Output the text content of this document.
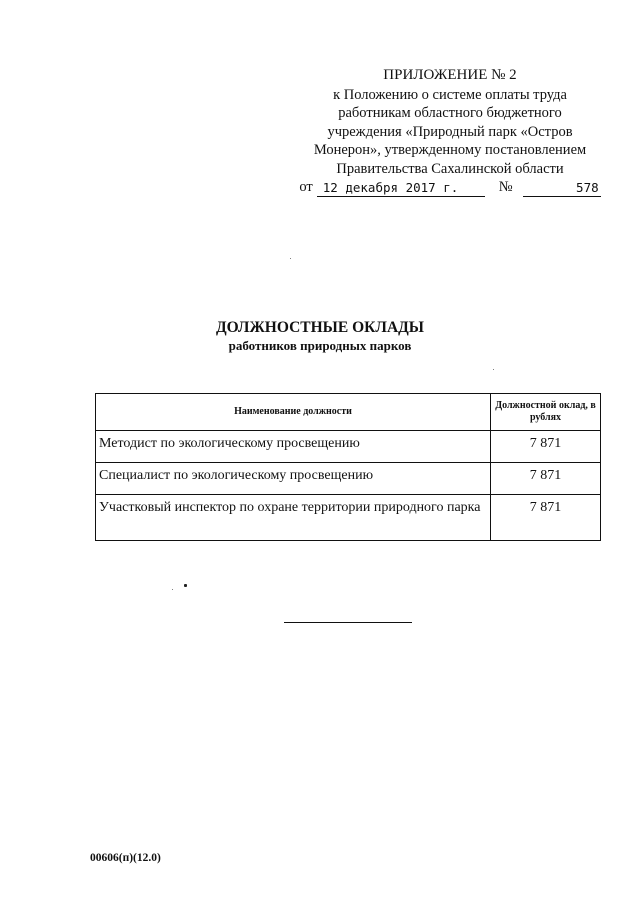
ПРИЛОЖЕНИЕ № 2
к Положению о системе оплаты труда
работникам областного бюджетного
учреждения «Природный парк «Остров
Монерон», утвержденному постановлением
Правительства Сахалинской области
от 12 декабря 2017 г.	№	578
ДОЛЖНОСТНЫЕ ОКЛАДЫ
работников природных парков
Наименование должности	Должностной оклад, в рублях
Методист по экологическому просвещению	7 871
Специалист по экологическому просвещению	7 871
Участковый инспектор по охране территории природного парка	7 871
00606(п)(12.0)
